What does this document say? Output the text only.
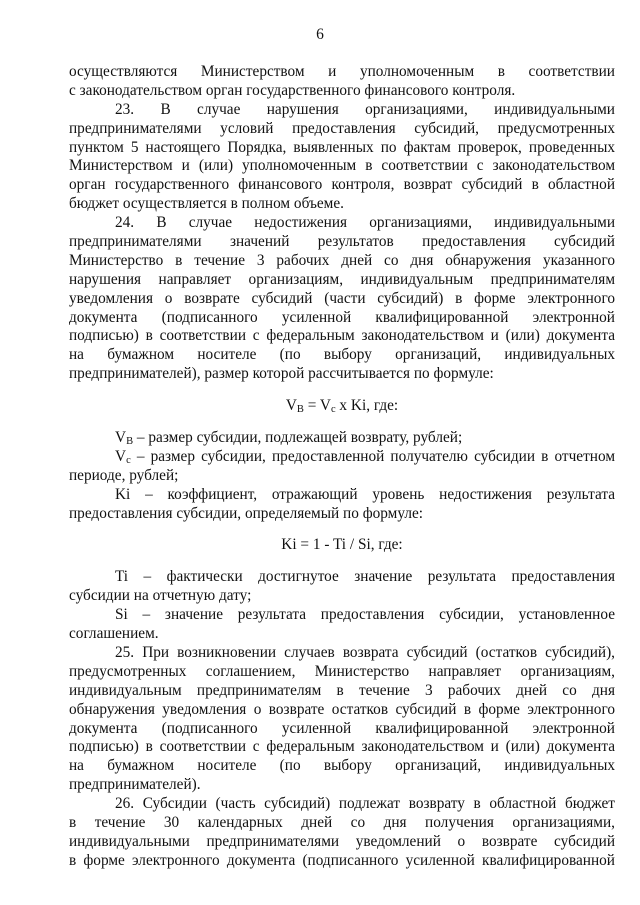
6
осуществляются Министерством и уполномоченным в соответствии
с законодательством орган государственного финансового контроля.
23. В случае нарушения организациями, индивидуальными
предпринимателями условий предоставления субсидий, предусмотренных
пунктом 5 настоящего Порядка, выявленных по фактам проверок, проведенных
Министерством и (или) уполномоченным в соответствии с законодательством
орган государственного финансового контроля, возврат субсидий в областной
бюджет осуществляется в полном объеме.
24. В случае недостижения организациями, индивидуальными
предпринимателями значений результатов предоставления субсидий
Министерство в течение 3 рабочих дней со дня обнаружения указанного
нарушения направляет организациям, индивидуальным предпринимателям
уведомления о возврате субсидий (части субсидий) в форме электронного
документа (подписанного усиленной квалифицированной электронной
подписью) в соответствии с федеральным законодательством и (или) документа
на бумажном носителе (по выбору организаций, индивидуальных
предпринимателей), размер которой рассчитывается по формуле:
$V_B = V_c$ x Ki, где:
$V_B$ – размер субсидии, подлежащей возврату, рублей;
$V_c$ – размер субсидии, предоставленной получателю субсидии в отчетном
периоде, рублей;
Ki – коэффициент, отражающий уровень недостижения результата
предоставления субсидии, определяемый по формуле:
Ki = 1 - Ti / Si, где:
Ti – фактически достигнутое значение результата предоставления
субсидии на отчетную дату;
Si – значение результата предоставления субсидии, установленное
соглашением.
25. При возникновении случаев возврата субсидий (остатков субсидий),
предусмотренных соглашением, Министерство направляет организациям,
индивидуальным предпринимателям в течение 3 рабочих дней со дня
обнаружения уведомления о возврате остатков субсидий в форме электронного
документа (подписанного усиленной квалифицированной электронной
подписью) в соответствии с федеральным законодательством и (или) документа
на бумажном носителе (по выбору организаций, индивидуальных
предпринимателей).
26. Субсидии (часть субсидий) подлежат возврату в областной бюджет
в течение 30 календарных дней со дня получения организациями,
индивидуальными предпринимателями уведомлений о возврате субсидий
в форме электронного документа (подписанного усиленной квалифицированной
